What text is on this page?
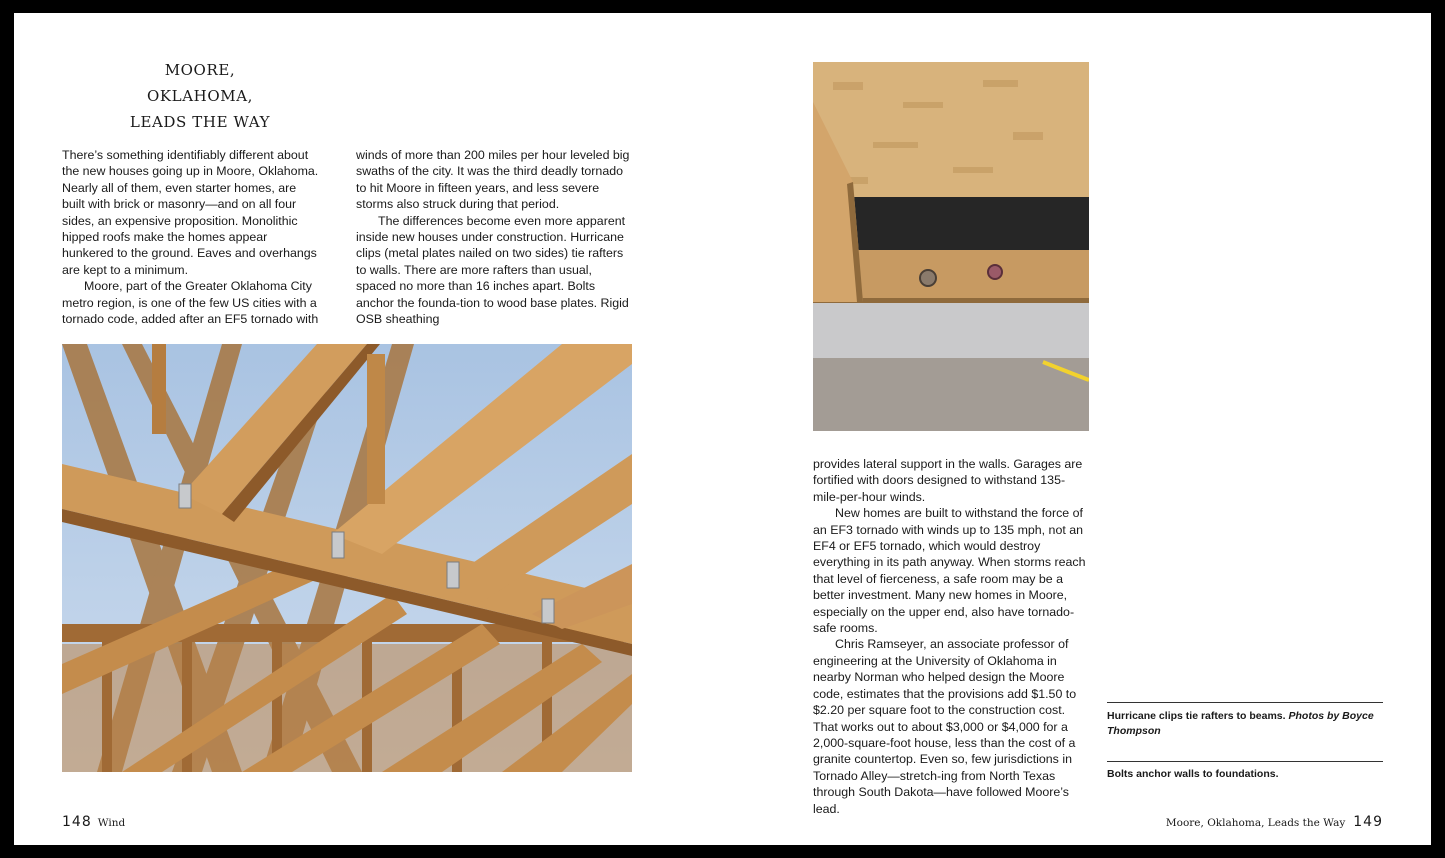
MOORE, OKLAHOMA,
LEADS THE WAY

There’s something identifiably different about the new houses going up in Moore, Oklahoma. Nearly all of them, even starter homes, are built with brick or masonry—and on all four sides, an expensive proposition. Monolithic hipped roofs make the homes appear hunkered to the ground. Eaves and overhangs are kept to a minimum.

Moore, part of the Greater Oklahoma City metro region, is one of the few US cities with a tornado code, added after an EF5 tornado with

winds of more than 200 miles per hour leveled big swaths of the city. It was the third deadly tornado to hit Moore in fifteen years, and less severe storms also struck during that period.

The differences become even more apparent inside new houses under construction. Hurricane clips (metal plates nailed on two sides) tie rafters to walls. There are more rafters than usual, spaced no more than 16 inches apart. Bolts anchor the founda-tion to wood base plates. Rigid OSB sheathing

provides lateral support in the walls. Garages are fortified with doors designed to withstand 135-mile-per-hour winds.

New homes are built to withstand the force of an EF3 tornado with winds up to 135 mph, not an EF4 or EF5 tornado, which would destroy everything in its path anyway. When storms reach that level of fierceness, a safe room may be a better investment. Many new homes in Moore, especially on the upper end, also have tornado-safe rooms.

Chris Ramseyer, an associate professor of engineering at the University of Oklahoma in nearby Norman who helped design the Moore code, estimates that the provisions add $1.50 to $2.20 per square foot to the construction cost. That works out to about $3,000 or $4,000 for a 2,000-square-foot house, less than the cost of a granite countertop. Even so, few jurisdictions in Tornado Alley—stretch-ing from North Texas through South Dakota—have followed Moore’s lead.

Hurricane clips tie rafters to beams. Photos by Boyce Thompson
Bolts anchor walls to foundations.
148 Wind	Moore, Oklahoma, Leads the Way 149
